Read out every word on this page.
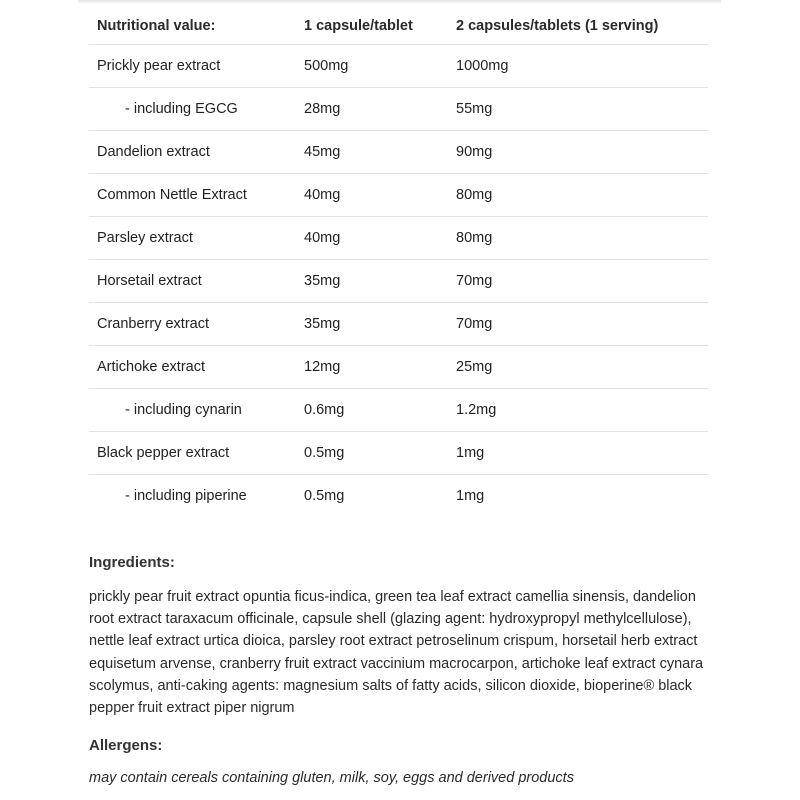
Nutritional value:	1 capsule/tablet	2 capsules/tablets (1 serving)
Prickly pear extract	500mg	1000mg
- including EGCG	28mg	55mg
Dandelion extract	45mg	90mg
Common Nettle Extract	40mg	80mg
Parsley extract	40mg	80mg
Horsetail extract	35mg	70mg
Cranberry extract	35mg	70mg
Artichoke extract	12mg	25mg
- including cynarin	0.6mg	1.2mg
Black pepper extract	0.5mg	1mg
- including piperine	0.5mg	1mg
Ingredients:
prickly pear fruit extract opuntia ficus-indica, green tea leaf extract camellia sinensis, dandelion root extract taraxacum officinale, capsule shell (glazing agent: hydroxypropyl methylcellulose), nettle leaf extract urtica dioica, parsley root extract petroselinum crispum, horsetail herb extract equisetum arvense, cranberry fruit extract vaccinium macrocarpon, artichoke leaf extract cynara scolymus, anti-caking agents: magnesium salts of fatty acids, silicon dioxide, bioperine® black pepper fruit extract piper nigrum
Allergens:
may contain cereals containing gluten, milk, soy, eggs and derived products
